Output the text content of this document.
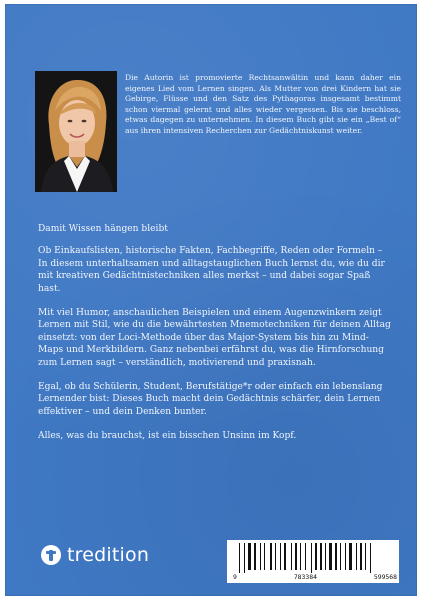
Die Autorin ist promovierte Rechtsanwältin und kann daher ein eigenes Lied vom Lernen singen. Als Mutter von drei Kindern hat sie Gebirge, Flüsse und den Satz des Pythagoras insgesamt bestimmt schon viermal gelernt und alles wieder vergessen. Bis sie beschloss, etwas dagegen zu unternehmen. In diesem Buch gibt sie ein „Best of“ aus ihren intensiven Recherchen zur Gedächtniskunst weiter.

Damit Wissen hängen bleibt

Ob Einkaufslisten, historische Fakten, Fachbegriffe, Reden oder Formeln – In diesem unterhaltsamen und alltagstauglichen Buch lernst du, wie du dir mit kreativen Gedächtnistechniken alles merkst – und dabei sogar Spaß hast.

Mit viel Humor, anschaulichen Beispielen und einem Augenzwinkern zeigt Lernen mit Stil, wie du die bewährtesten Mnemotechniken für deinen Alltag einsetzt: von der Loci-Methode über das Major-System bis hin zu Mind-Maps und Merkbildern. Ganz nebenbei erfährst du, was die Hirnforschung zum Lernen sagt – verständlich, motivierend und praxisnah.

Egal, ob du Schülerin, Student, Berufstätige*r oder einfach ein lebenslang Lernender bist: Dieses Buch macht dein Gedächtnis schärfer, dein Lernen effektiver – und dein Denken bunter.

Alles, was du brauchst, ist ein bisschen Unsinn im Kopf.

tredition
9	783384	599568
